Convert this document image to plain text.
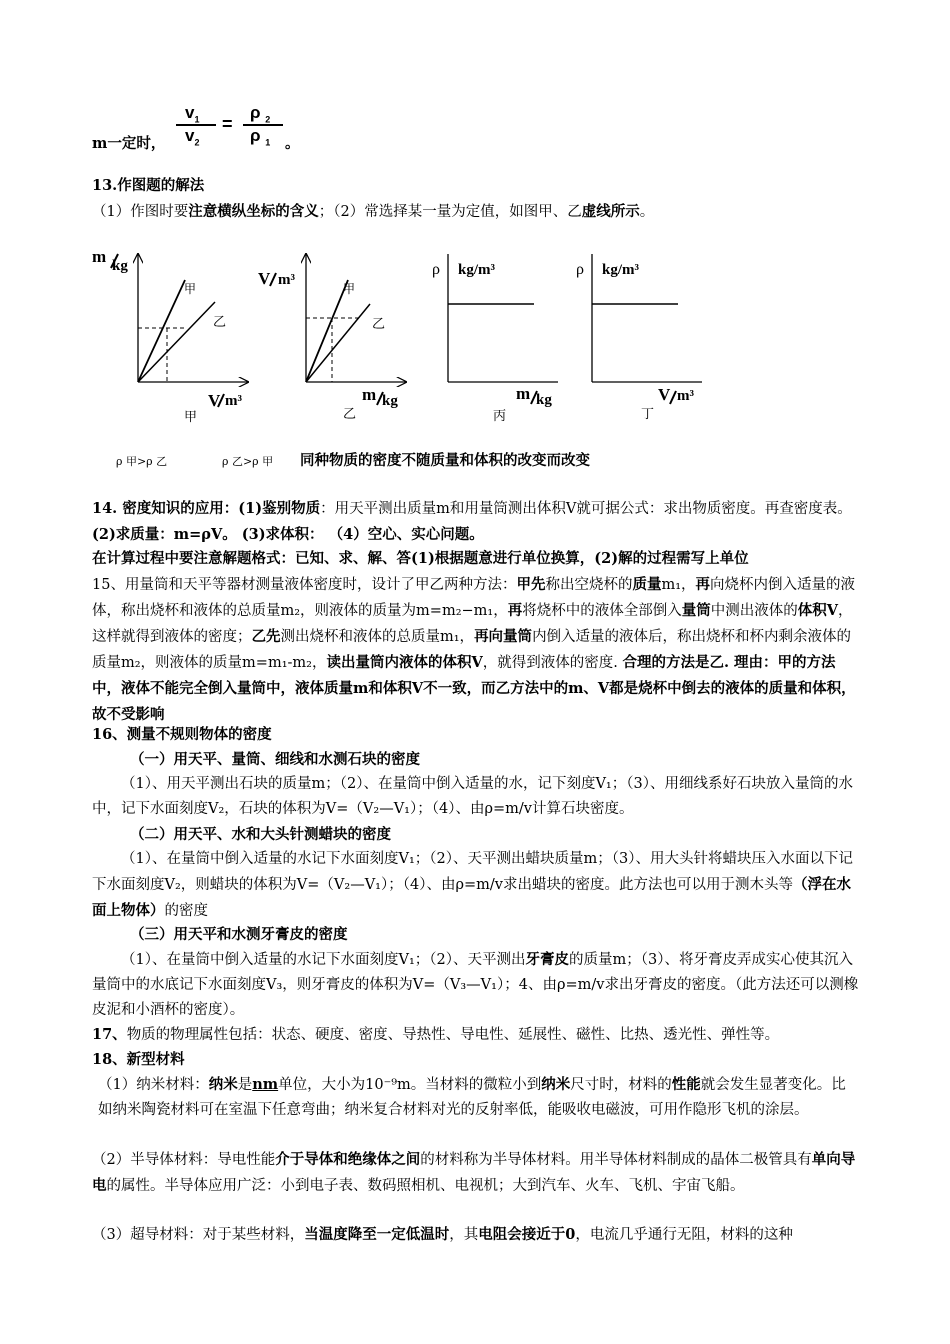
m一定时，
$v_1$
$v_2$
=
ρ $_2$
ρ $_1$ 。
13.作图题的解法
（1）作图时要注意横纵坐标的含义；（2）常选择某一量为定值，如图甲、乙虚线所示。
m kg
甲
乙
V m³
甲
V m³
甲
乙
m kg
乙
ρ kg/m³
m kg
丙
ρ kg/m³
V m³
丁
ρ 甲>ρ 乙	ρ 乙>ρ 甲 同种物质的密度不随质量和体积的改变而改变
14. 密度知识的应用：(1)鉴别物质：用天平测出质量m和用量筒测出体积V就可据公式：求出物质密度。再查密度表。 (2)求质量：m=ρV。 (3)求体积： （4）空心、实心问题。
在计算过程中要注意解题格式：已知、求、解、答(1)根据题意进行单位换算，(2)解的过程需写上单位
15、用量筒和天平等器材测量液体密度时，设计了甲乙两种方法：甲先称出空烧杯的质量m₁，再向烧杯内倒入适量的液体，称出烧杯和液体的总质量m₂，则液体的质量为m=m₂−m₁，再将烧杯中的液体全部倒入量筒中测出液体的体积V，这样就得到液体的密度；乙先测出烧杯和液体的总质量m₁，再向量筒内倒入适量的液体后，称出烧杯和杯内剩余液体的质量m₂，则液体的质量m=m₁-m₂，读出量筒内液体的体积V，就得到液体的密度. 合理的方法是乙. 理由：甲的方法中，液体不能完全倒入量筒中，液体质量m和体积V不一致，而乙方法中的m、V都是烧杯中倒去的液体的质量和体积，故不受影响
16、测量不规则物体的密度
（一）用天平、量筒、细线和水测石块的密度
（1）、用天平测出石块的质量m；（2）、在量筒中倒入适量的水，记下刻度V₁；（3）、用细线系好石块放入量筒的水中，记下水面刻度V₂，石块的体积为V=（V₂—V₁）；（4）、由ρ=m/v计算石块密度。
（二）用天平、水和大头针测蜡块的密度
（1）、在量筒中倒入适量的水记下水面刻度V₁；（2）、天平测出蜡块质量m；（3）、用大头针将蜡块压入水面以下记下水面刻度V₂，则蜡块的体积为V=（V₂—V₁）；（4）、由ρ=m/v求出蜡块的密度。此方法也可以用于测木头等（浮在水面上物体）的密度
（三）用天平和水测牙膏皮的密度
（1）、在量筒中倒入适量的水记下水面刻度V₁；（2）、天平测出牙膏皮的质量m；（3）、将牙膏皮弄成实心使其沉入量筒中的水底记下水面刻度V₃，则牙膏皮的体积为V=（V₃—V₁）；4、由ρ=m/v求出牙膏皮的密度。（此方法还可以测橡皮泥和小酒杯的密度）。
17、物质的物理属性包括：状态、硬度、密度、导热性、导电性、延展性、磁性、比热、透光性、弹性等。
18、新型材料
（1）纳米材料：纳米是nm单位，大小为10⁻⁹m。当材料的微粒小到纳米尺寸时，材料的性能就会发生显著变化。比如纳米陶瓷材料可在室温下任意弯曲；纳米复合材料对光的反射率低，能吸收电磁波，可用作隐形飞机的涂层。
（2）半导体材料：导电性能介于导体和绝缘体之间的材料称为半导体材料。用半导体材料制成的晶体二极管具有单向导电的属性。半导体应用广泛：小到电子表、数码照相机、电视机；大到汽车、火车、飞机、宇宙飞船。
（3）超导材料：对于某些材料，当温度降至一定低温时，其电阻会接近于0，电流几乎通行无阻，材料的这种
